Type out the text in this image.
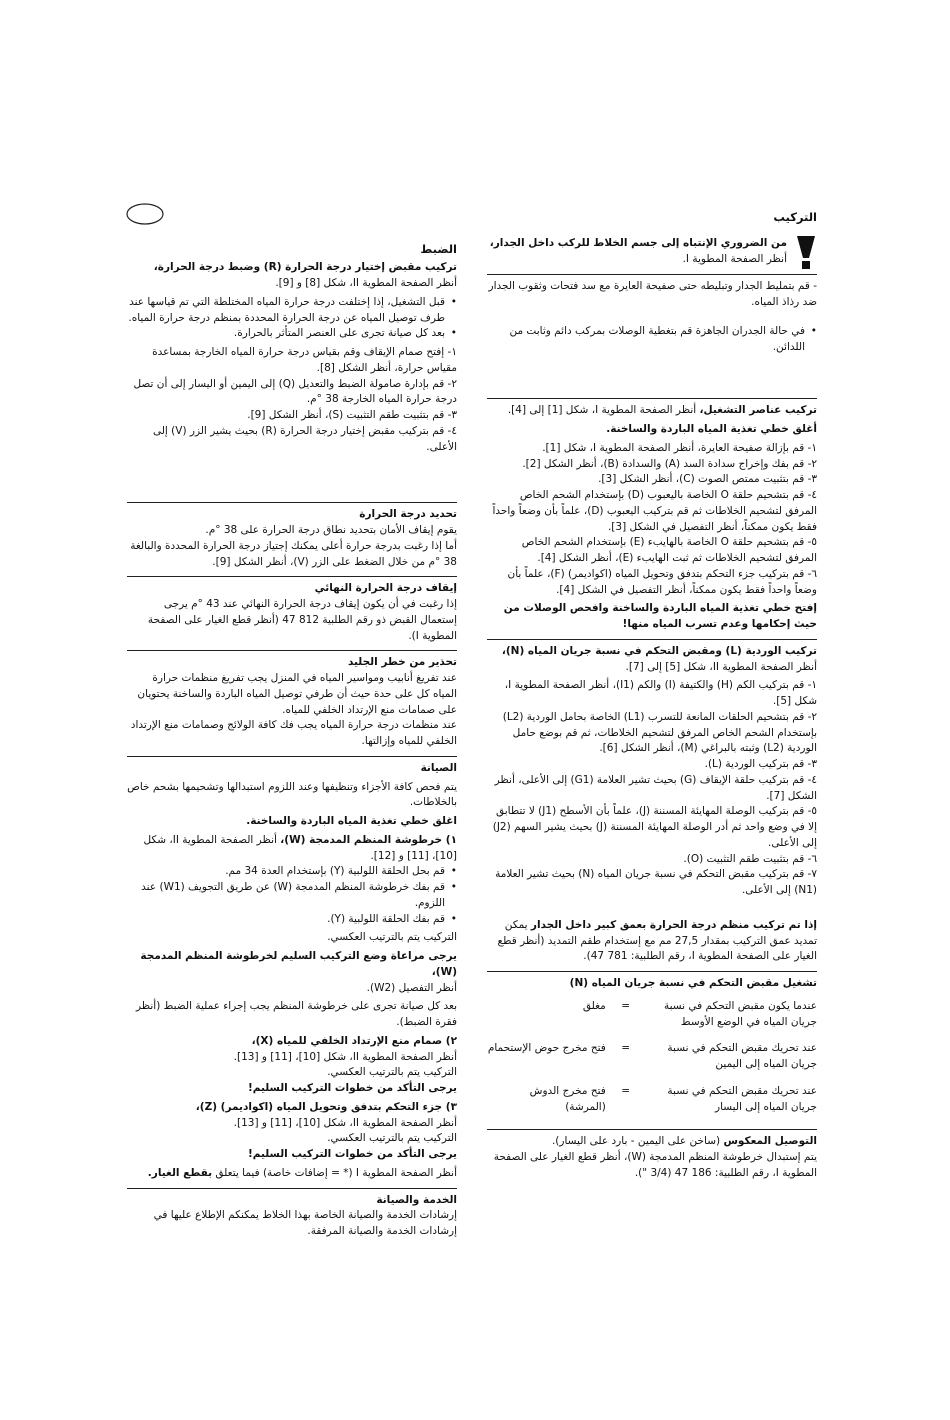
التركيب
من الضروري الإنتباه إلى جسم الخلاط للركب داخل الجدار،
أنظر الصفحة المطوية I.

- قم بتمليط الجدار وتبليطه حتى صفيحة العايرة مع سد فتحات وثقوب الجدار ضد رذاذ المياه.

• في حالة الجدران الجاهزة قم بتغطية الوصلات بمركب دائم وثابت من اللدائن.

تركيب عناصر التشغيل، أنظر الصفحة المطوية I، شكل [1] إلى [4].

أغلق خطي تغذية المياه الباردة والساخنة.

١- قم بإزالة صفيحة العايرة، أنظر الصفحة المطوية I، شكل [1].
٢- قم بفك وإخراج سدادة السد (A) والسدادة (B)، أنظر الشكل [2].
٣- قم بتثبيت ممتص الصوت (C)، أنظر الشكل [3].
٤- قم بتشحيم حلقة O الخاصة باليعبوب (D) بإستخدام الشحم الخاص المرفق لتشحيم الخلاطات ثم قم بتركيب اليعبوب (D)، علماً بأن وضعاً واحداً فقط يكون ممكناً، أنظر التفصيل في الشكل [3].
٥- قم بتشحيم حلقة O الخاصة بالهايبء (E) بإستخدام الشحم الخاص المرفق لتشحيم الخلاطات ثم ثبت الهايبء (E)، أنظر الشكل [4].
٦- قم بتركيب جزء التحكم بتدفق وتحويل المياه (اكواديمر) (F)، علماً بأن وضعاً واحداً فقط يكون ممكناً، أنظر التفصيل في الشكل [4].

إفتح خطي تغذية المياه الباردة والساخنة وافحص الوصلات من حيث إحكامها وعدم تسرب المياه منها!

تركيب الوردية (L) ومقبض التحكم في نسبة جريان المياه (N)،

أنظر الصفحة المطوية II، شكل [5] إلى [7].

١- قم بتركيب الكم (H) والكتيفة (I) والكم (I1)، أنظر الصفحة المطوية I، شكل [5].
٢- قم بتشحيم الحلقات المانعة للتسرب (L1) الخاصة بحامل الوردية (L2) بإستخدام الشحم الخاص المرفق لتشحيم الخلاطات، ثم قم بوضع حامل الوردية (L2) وثبته بالبراغي (M)، أنظر الشكل [6].
٣- قم بتركيب الوردية (L).
٤- قم بتركيب حلقة الإيقاف (G) بحيث تشير العلامة (G1) إلى الأعلى، أنظر الشكل [7].
٥- قم بتركيب الوصلة المهايئة المسننة (J)، علماً بأن الأسطح (J1) لا تتطابق إلا في وضع واحد ثم أدر الوصلة المهايئة المسننة (J) بحيث يشير السهم (J2) إلى الأعلى.
٦- قم بتثبيت طقم التثبيت (O).
٧- قم بتركيب مقبض التحكم في نسبة جريان المياه (N) بحيث تشير العلامة (N1) إلى الأعلى.

إذا تم تركيب منظم درجة الحرارة بعمق كبير داخل الجدار يمكن تمديد عمق التركيب بمقدار 27,5 مم مع إستخدام طقم التمديد (أنظر قطع الغيار على الصفحة المطوية I، رقم الطلبية: 781 47).

تشغيل مقبض التحكم في نسبة جريان المياه (N)

عندما يكون مقبض التحكم في نسبة جريان المياه في الوضع الأوسط	=	مغلق
عند تحريك مقبض التحكم في نسبة جريان المياه إلى اليمين	=	فتح مخرج حوض الإستحمام
عند تحريك مقبض التحكم في نسبة جريان المياه إلى اليسار	=	فتح مخرج الدوش (المرشة)

التوصيل المعكوس (ساخن على اليمين - بارد على اليسار).

يتم إستبدال خرطوشة المنظم المدمجة (W)، أنظر قطع الغيار على الصفحة المطوية I، رقم الطلبية: 186 47 (3/4 ").

الضبط

تركيب مقبض إختيار درجة الحرارة (R) وضبط درجة الحرارة،

أنظر الصفحة المطوية II، شكل [8] و [9].

• قبل التشغيل، إذا إختلفت درجة حرارة المياه المختلطة التي تم قياسها عند طرف توصيل المياه عن درجة الحرارة المحددة بمنظم درجة حرارة المياه.
• بعد كل صيانة تجرى على العنصر المتأثر بالحرارة.
١- إفتح صمام الإيقاف وقم بقياس درجة حرارة المياه الخارجة بمساعدة مقياس حرارة، أنظر الشكل [8].
٢- قم بإدارة صامولة الضبط والتعديل (Q) إلى اليمين أو اليسار إلى أن تصل درجة حرارة المياه الخارجة 38 °م.
٣- قم بتثبيت طقم التثبيت (S)، أنظر الشكل [9].
٤- قم بتركيب مقبض إختيار درجة الحرارة (R) بحيث يشير الزر (V) إلى الأعلى.

تحديد درجة الحرارة

يقوم إيقاف الأمان بتحديد نطاق درجة الحرارة على 38 °م.

أما إذا رغبت بدرجة حرارة أعلى يمكنك إجتياز درجة الحرارة المحددة والبالغة 38 °م من خلال الضغط على الزر (V)، أنظر الشكل [9].

إيقاف درجة الحرارة النهائي

إذا رغبت في أن يكون إيقاف درجة الحرارة النهائي عند 43 °م يرجى إستعمال القبض ذو رقم الطلبية 812 47 (أنظر قطع الغيار على الصفحة المطوية I).

تحذير من خطر الجليد

عند تفريغ أنابيب ومواسير المياه في المنزل يجب تفريغ منظمات حرارة المياه كل على حدة حيث أن طرفي توصيل المياه الباردة والساخنة يحتويان على صمامات منع الإرتداد الخلفي للمياه.

عند منظمات درجة حرارة المياه يجب فك كافة الولائج وصمامات منع الإرتداد الخلفي للمياه وإزالتها.

الصيانة

يتم فحص كافة الأجزاء وتنظيفها وعند اللزوم استبدالها وتشحيمها بشحم خاص بالخلاطات.

اغلق خطي تغذية المياه الباردة والساخنة.

١) خرطوشة المنظم المدمجة (W)، أنظر الصفحة المطوية II، شكل [10]، [11] و [12].

• قم بحل الحلقة اللولبية (Y) بإستخدام العدة 34 مم.
• قم بفك خرطوشة المنظم المدمجة (W) عن طريق التجويف (W1) عند اللزوم.
• قم بفك الحلقة اللولبية (Y).

التركيب يتم بالترتيب العكسي.

يرجى مراعاة وضع التركيب السليم لخرطوشة المنظم المدمجة (W)،

أنظر التفصيل (W2).

بعد كل صيانة تجرى على خرطوشة المنظم يجب إجراء عملية الضبط (أنظر فقرة الضبط).

٢) صمام منع الإرتداد الخلفي للمياه (X)،

أنظر الصفحة المطوية II، شكل [10]، [11] و [13].

التركيب يتم بالترتيب العكسي.

يرجى التأكد من خطوات التركيب السليم!

٣) جزء التحكم بتدفق وتحويل المياه (اكواديمر) (Z)،

أنظر الصفحة المطوية II، شكل [10]، [11] و [13].

التركيب يتم بالترتيب العكسي.

يرجى التأكد من خطوات التركيب السليم!

أنظر الصفحة المطوية I (* = إضافات خاصة) فيما يتعلق بقطع الغيار.

الخدمة والصيانة

إرشادات الخدمة والصيانة الخاصة بهذا الخلاط يمكنكم الإطلاع عليها في إرشادات الخدمة والصيانة المرفقة.
